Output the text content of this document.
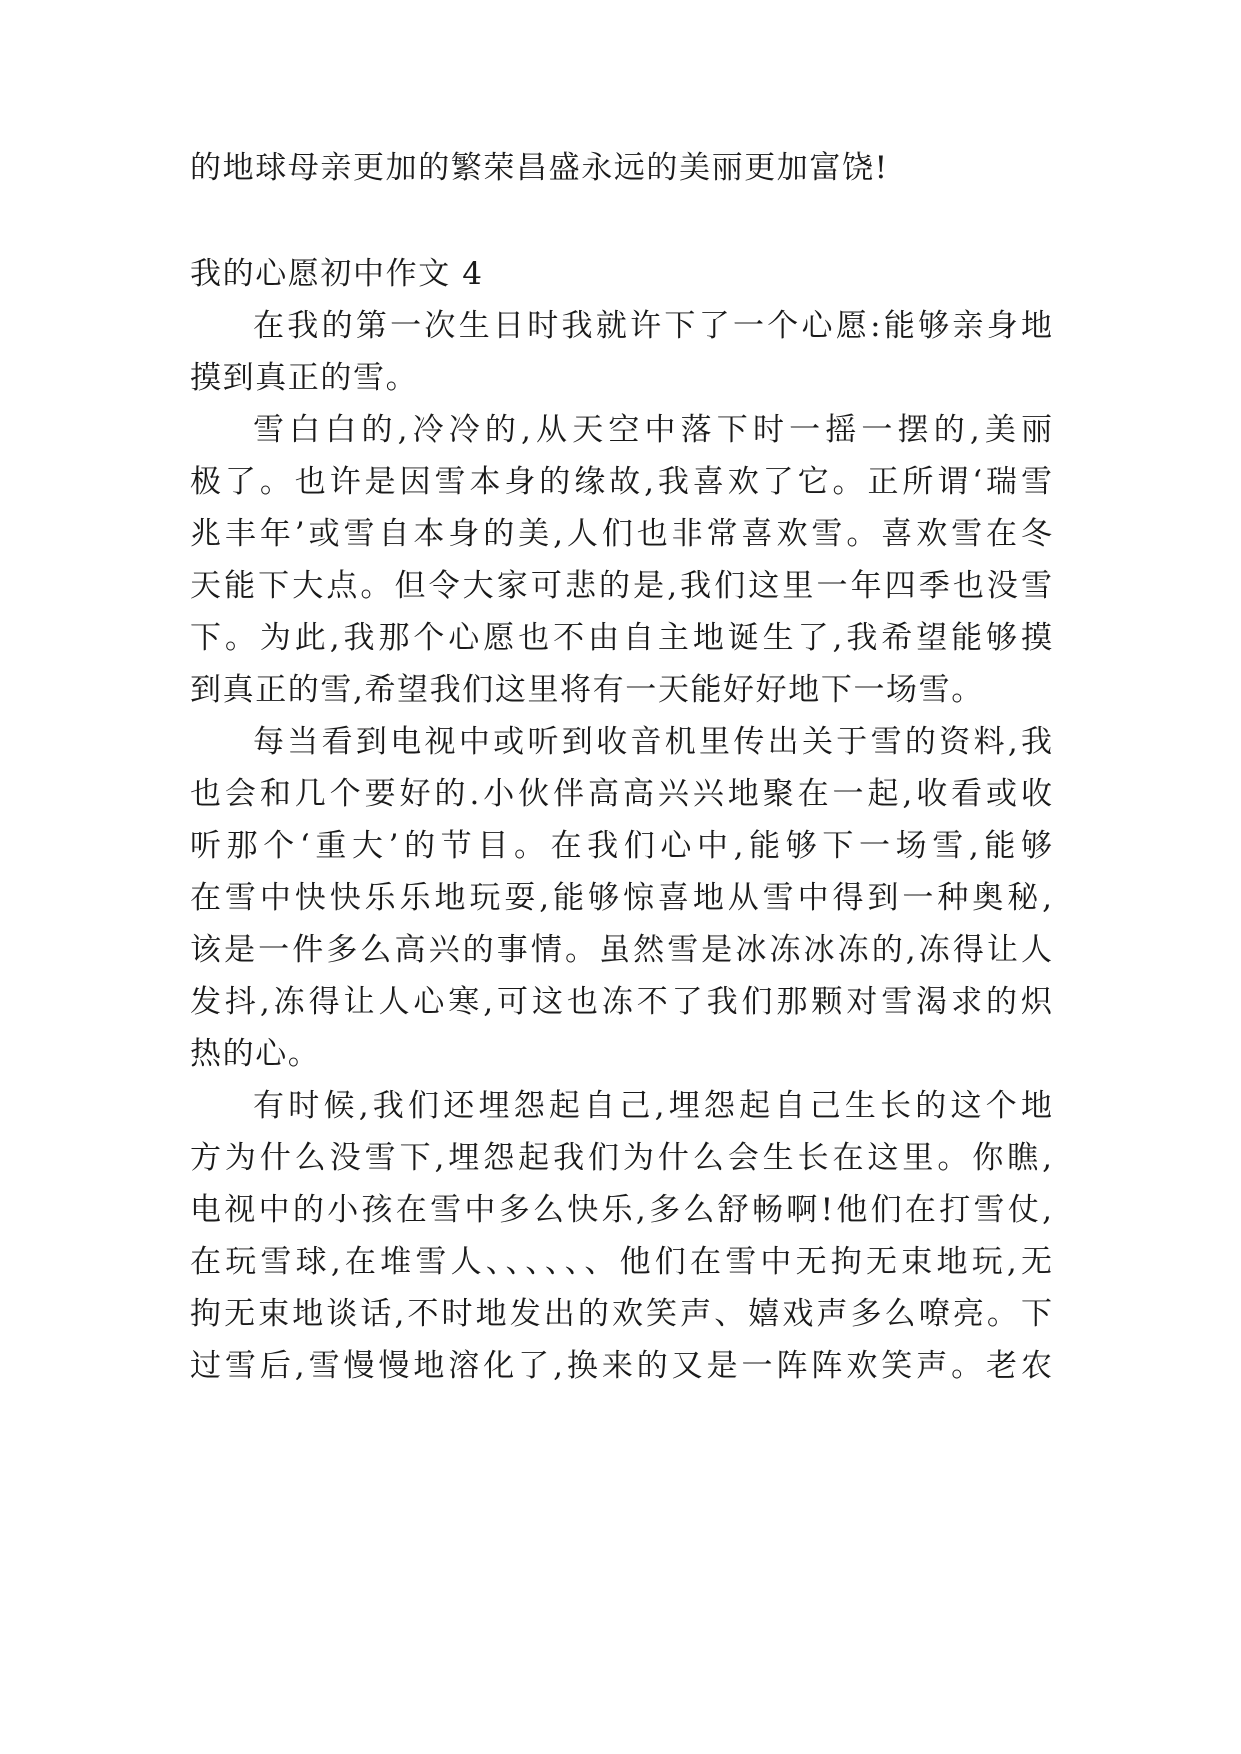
的地球母亲更加的繁荣昌盛永远的美丽更加富饶!
我的心愿初中作文 4
在我的第一次生日时我就许下了一个心愿:能够亲身地
摸到真正的雪。
雪白白的,冷冷的,从天空中落下时一摇一摆的,美丽
极了。也许是因雪本身的缘故,我喜欢了它。正所谓‘瑞雪
兆丰年’或雪自本身的美,人们也非常喜欢雪。喜欢雪在冬
天能下大点。但令大家可悲的是,我们这里一年四季也没雪
下。为此,我那个心愿也不由自主地诞生了,我希望能够摸
到真正的雪,希望我们这里将有一天能好好地下一场雪。
每当看到电视中或听到收音机里传出关于雪的资料,我
也会和几个要好的.小伙伴高高兴兴地聚在一起,收看或收
听那个‘重大’的节目。在我们心中,能够下一场雪,能够
在雪中快快乐乐地玩耍,能够惊喜地从雪中得到一种奥秘,
该是一件多么高兴的事情。虽然雪是冰冻冰冻的,冻得让人
发抖,冻得让人心寒,可这也冻不了我们那颗对雪渴求的炽
热的心。
有时候,我们还埋怨起自己,埋怨起自己生长的这个地
方为什么没雪下,埋怨起我们为什么会生长在这里。你瞧,
电视中的小孩在雪中多么快乐,多么舒畅啊!他们在打雪仗,
在玩雪球,在堆雪人、、、、、、他们在雪中无拘无束地玩,无
拘无束地谈话,不时地发出的欢笑声、嬉戏声多么嘹亮。下
过雪后,雪慢慢地溶化了,换来的又是一阵阵欢笑声。老农
